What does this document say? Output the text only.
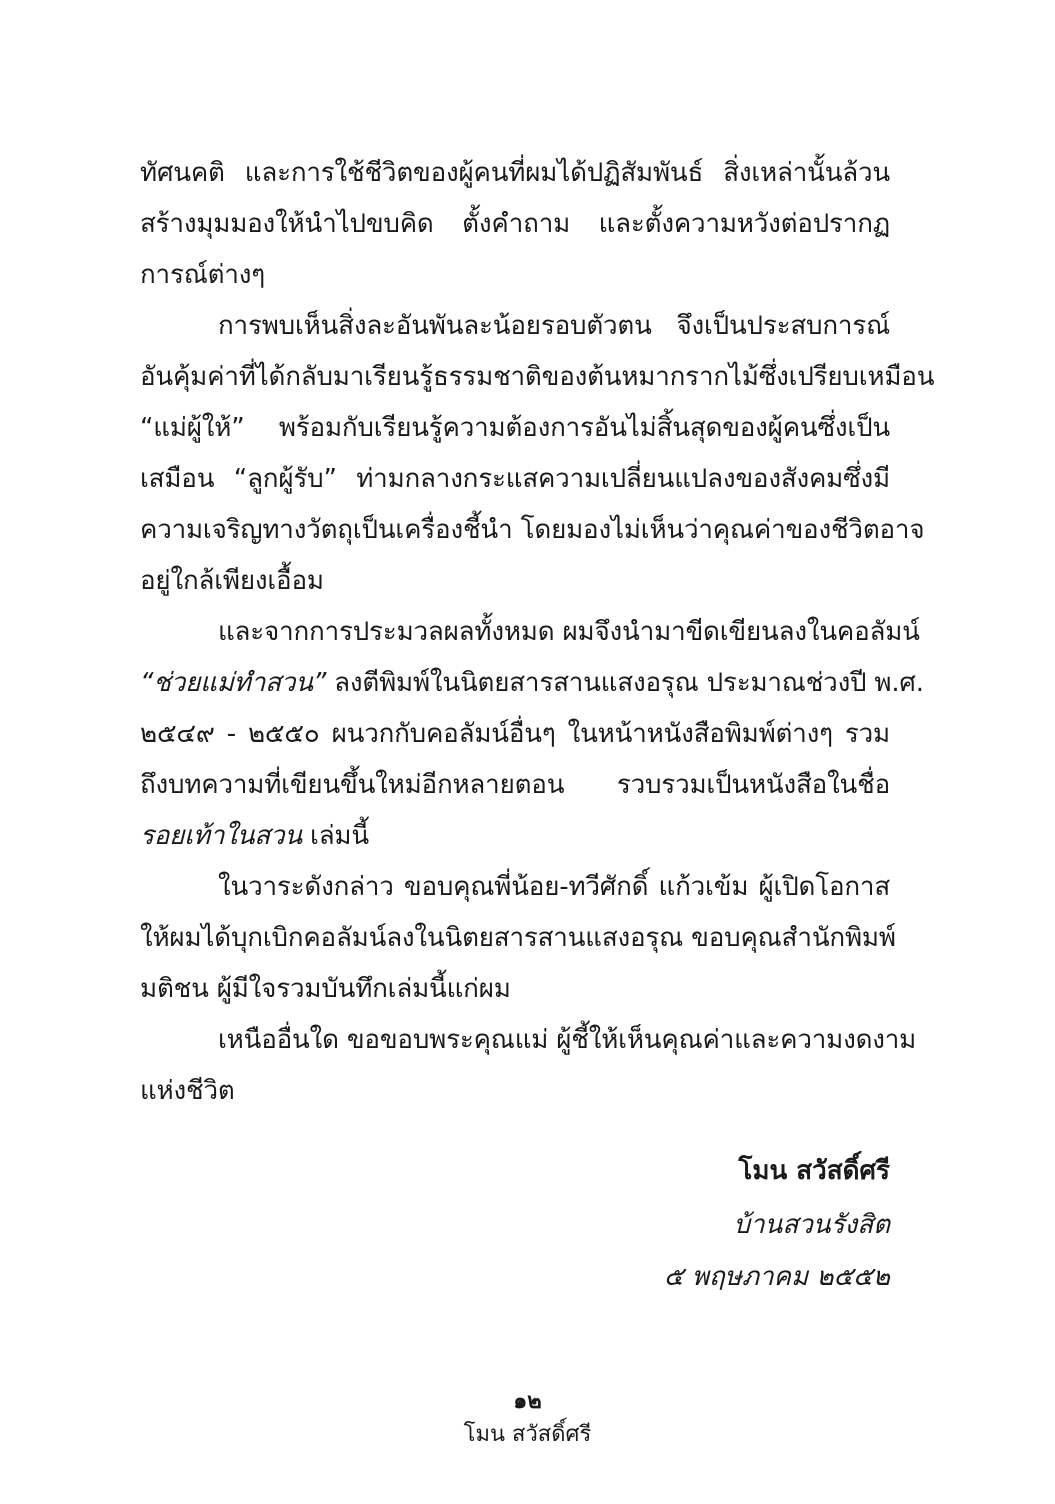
ทัศนคติ และการใช้ชีวิตของผู้คนที่ผมได้ปฏิสัมพันธ์ สิ่งเหล่านั้นล้วน
สร้างมุมมองให้นำไปขบคิด ตั้งคำถาม และตั้งความหวังต่อปรากฏ
การณ์ต่างๆ
การพบเห็นสิ่งละอันพันละน้อยรอบตัวตน จึงเป็นประสบการณ์
อันคุ้มค่าที่ได้กลับมาเรียนรู้ธรรมชาติของต้นหมากรากไม้ซึ่งเปรียบเหมือน
“แม่ผู้ให้” พร้อมกับเรียนรู้ความต้องการอันไม่สิ้นสุดของผู้คนซึ่งเป็น
เสมือน “ลูกผู้รับ” ท่ามกลางกระแสความเปลี่ยนแปลงของสังคมซึ่งมี
ความเจริญทางวัตถุเป็นเครื่องชี้นำ โดยมองไม่เห็นว่าคุณค่าของชีวิตอาจ
อยู่ใกล้เพียงเอื้อม
และจากการประมวลผลทั้งหมด ผมจึงนำมาขีดเขียนลงในคอลัมน์
“ช่วยแม่ทำสวน” ลงตีพิมพ์ในนิตยสารสานแสงอรุณ ประมาณช่วงปี พ.ศ.
๒๕๔๙ - ๒๕๕๐ ผนวกกับคอลัมน์อื่นๆ ในหน้าหนังสือพิมพ์ต่างๆ รวม
ถึงบทความที่เขียนขึ้นใหม่อีกหลายตอน รวบรวมเป็นหนังสือในชื่อ
รอยเท้าในสวน เล่มนี้
ในวาระดังกล่าว ขอบคุณพี่น้อย-ทวีศักดิ์ แก้วเข้ม ผู้เปิดโอกาส
ให้ผมได้บุกเบิกคอลัมน์ลงในนิตยสารสานแสงอรุณ ขอบคุณสำนักพิมพ์
มติชน ผู้มีใจรวมบันทึกเล่มนี้แก่ผม
เหนืออื่นใด ขอขอบพระคุณแม่ ผู้ชี้ให้เห็นคุณค่าและความงดงาม
แห่งชีวิต
โมน สวัสดิ์ศรี
บ้านสวนรังสิต
๕ พฤษภาคม ๒๕๕๒
๑๒
โมน สวัสดิ์ศรี
